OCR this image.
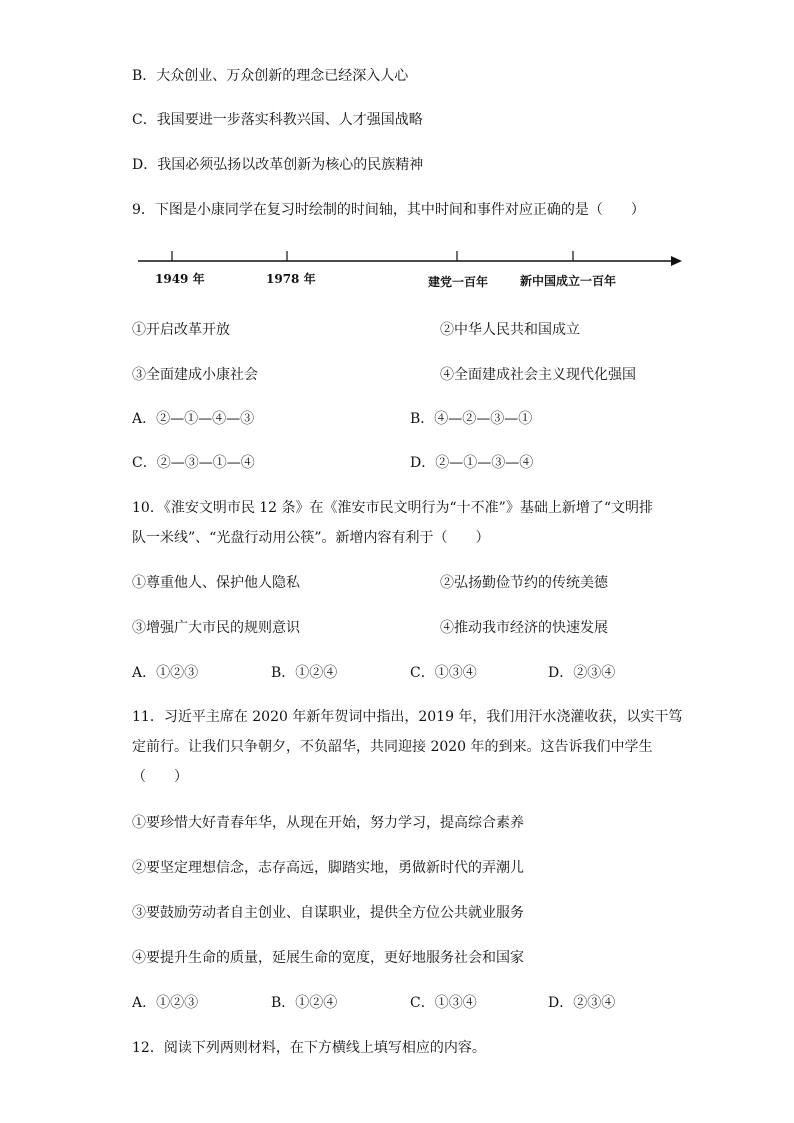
B．大众创业、万众创新的理念已经深入人心
C．我国要进一步落实科教兴国、人才强国战略
D．我国必须弘扬以改革创新为核心的民族精神
9．下图是小康同学在复习时绘制的时间轴，其中时间和事件对应正确的是（　　）
1949 年	1978 年	建党一百年	新中国成立一百年
①开启改革开放	②中华人民共和国成立
③全面建成小康社会	④全面建成社会主义现代化强国
A．②—①—④—③	B．④—②—③—①
C．②—③—①—④	D．②—①—③—④
10．《淮安文明市民 12 条》在《淮安市民文明行为“十不准”》基础上新增了“文明排
队一米线”、“光盘行动用公筷”。新增内容有利于（　　）
①尊重他人、保护他人隐私	②弘扬勤俭节约的传统美德
③增强广大市民的规则意识	④推动我市经济的快速发展
A．①②③	B．①②④	C．①③④	D．②③④
11．习近平主席在 2020 年新年贺词中指出，2019 年，我们用汗水浇灌收获，以实干笃
定前行。让我们只争朝夕，不负韶华，共同迎接 2020 年的到来。这告诉我们中学生
（　　）
①要珍惜大好青春年华，从现在开始，努力学习，提高综合素养
②要坚定理想信念，志存高远，脚踏实地，勇做新时代的弄潮儿
③要鼓励劳动者自主创业、自谋职业，提供全方位公共就业服务
④要提升生命的质量，延展生命的宽度，更好地服务社会和国家
A．①②③	B．①②④	C．①③④	D．②③④
12．阅读下列两则材料，在下方横线上填写相应的内容。
